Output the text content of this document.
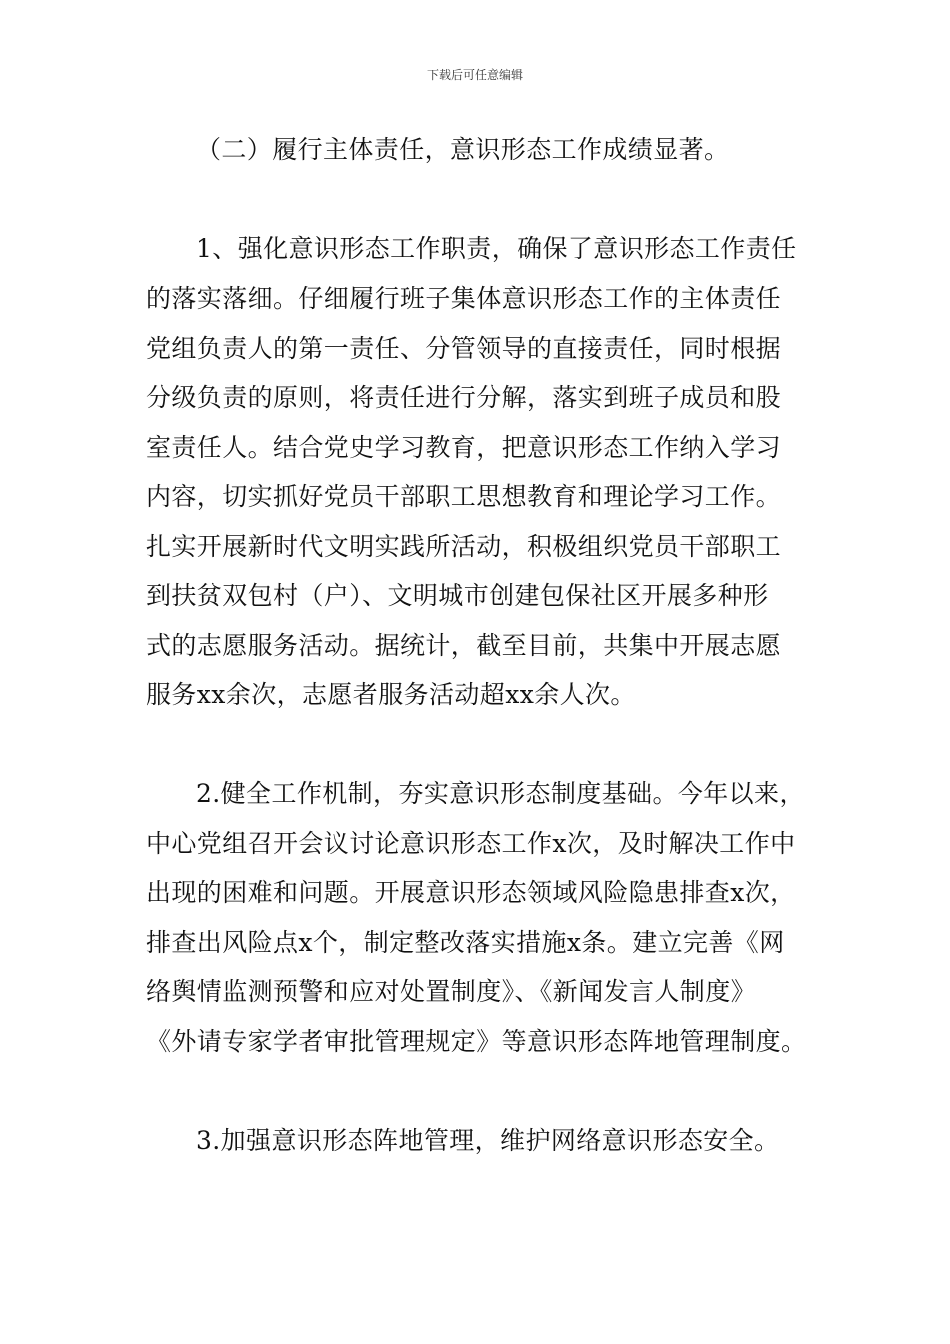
下载后可任意编辑
（二）履行主体责任，意识形态工作成绩显著。
1、强化意识形态工作职责，确保了意识形态工作责任
的落实落细。仔细履行班子集体意识形态工作的主体责任
党组负责人的第一责任、分管领导的直接责任，同时根据
分级负责的原则，将责任进行分解，落实到班子成员和股
室责任人。结合党史学习教育，把意识形态工作纳入学习
内容，切实抓好党员干部职工思想教育和理论学习工作。
扎实开展新时代文明实践所活动，积极组织党员干部职工
到扶贫双包村（户）、文明城市创建包保社区开展多种形
式的志愿服务活动。据统计，截至目前，共集中开展志愿
服务xx余次，志愿者服务活动超xx余人次。
2.健全工作机制，夯实意识形态制度基础。今年以来，
中心党组召开会议讨论意识形态工作x次，及时解决工作中
出现的困难和问题。开展意识形态领域风险隐患排查x次，
排查出风险点x个，制定整改落实措施x条。建立完善《网
络舆情监测预警和应对处置制度》、《新闻发言人制度》
《外请专家学者审批管理规定》等意识形态阵地管理制度。
3.加强意识形态阵地管理，维护网络意识形态安全。
